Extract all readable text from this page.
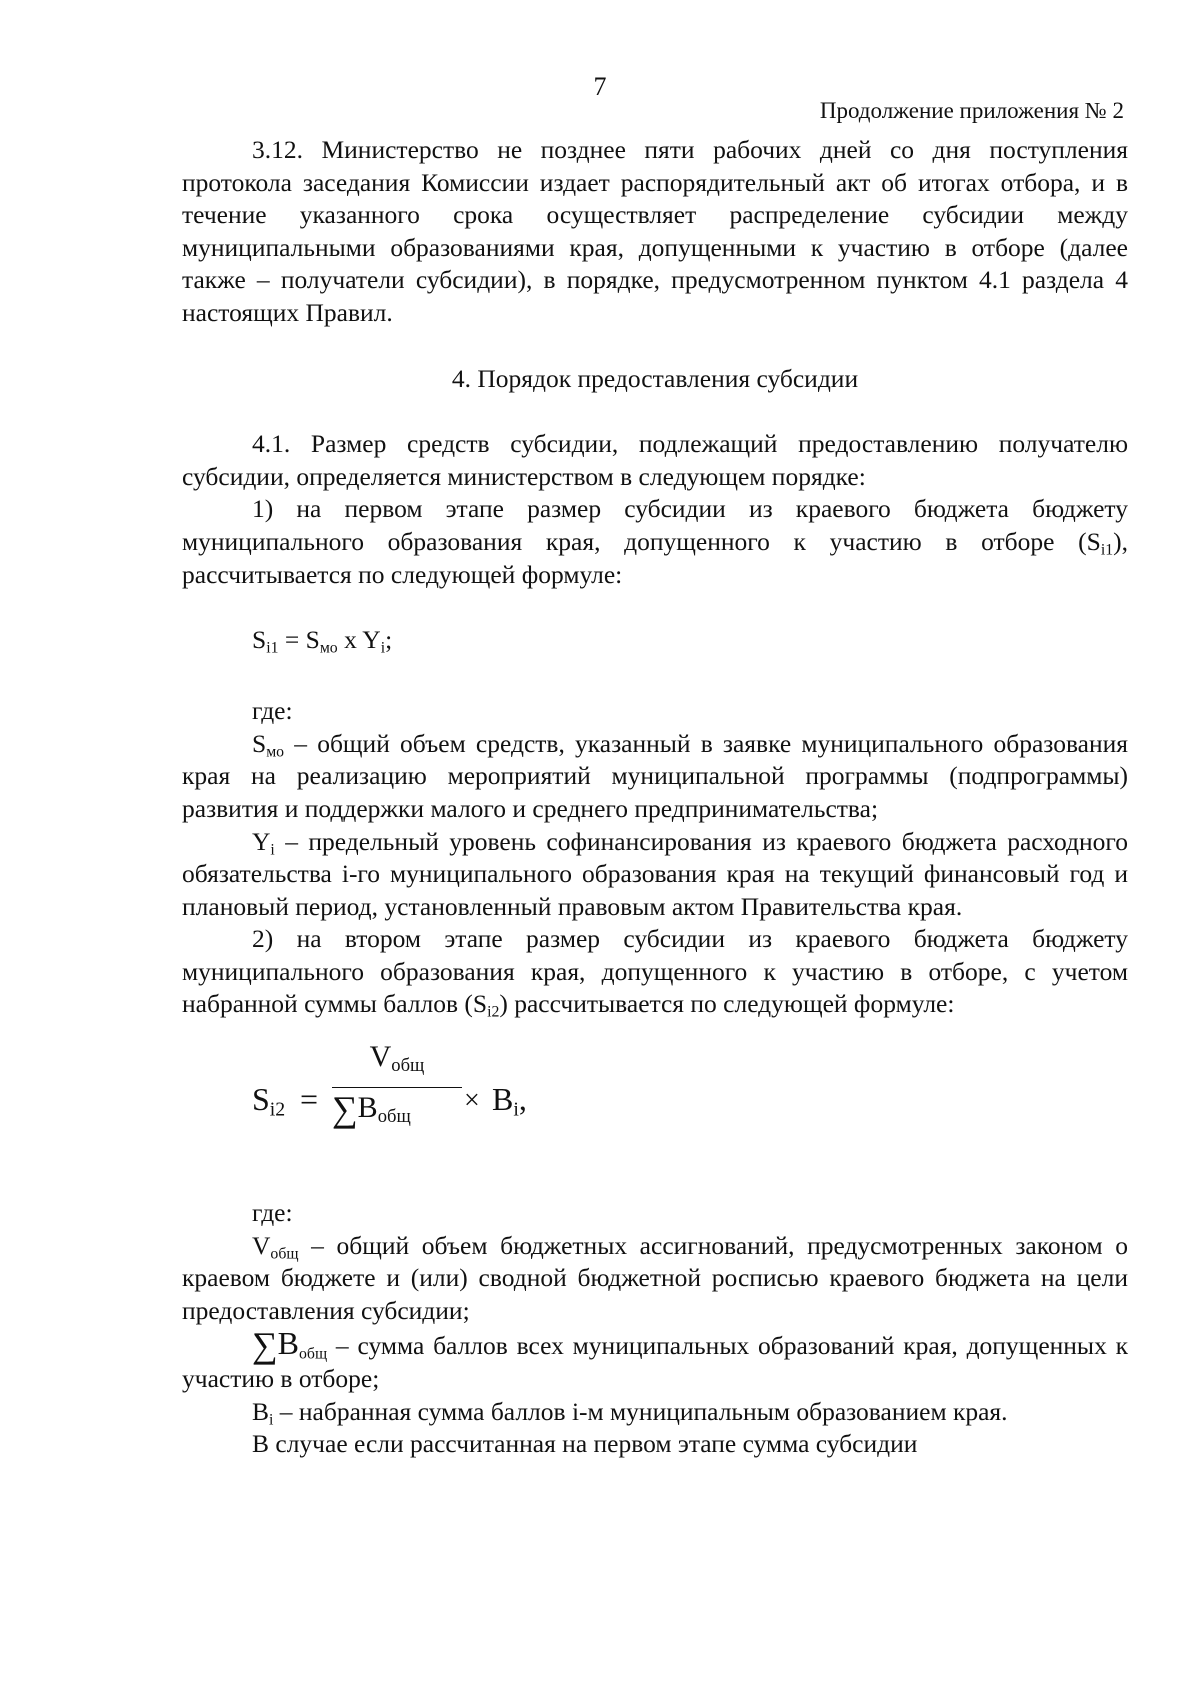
7
Продолжение приложения № 2

3.12. Министерство не позднее пяти рабочих дней со дня поступления протокола заседания Комиссии издает распорядительный акт об итогах отбора, и в течение указанного срока осуществляет распределение субсидии между муниципальными образованиями края, допущенными к участию в отборе (далее также – получатели субсидии), в порядке, предусмотренном пунктом 4.1 раздела 4 настоящих Правил.

4. Порядок предоставления субсидии

4.1. Размер средств субсидии, подлежащий предоставлению получателю субсидии, определяется министерством в следующем порядке:

1) на первом этапе размер субсидии из краевого бюджета бюджету муниципального образования края, допущенного к участию в отборе $(S_{i1})$, рассчитывается по следующей формуле:

$S_{i1} = S_{мо}$ x $Y_i$;

где:

$S_{мо}$ – общий объем средств, указанный в заявке муниципального образования края на реализацию мероприятий муниципальной программы (подпрограммы) развития и поддержки малого и среднего предпринимательства;

$Y_i$ – предельный уровень софинансирования из краевого бюджета расходного обязательства i-го муниципального образования края на текущий финансовый год и плановый период, установленный правовым актом Правительства края.

2) на втором этапе размер субсидии из краевого бюджета бюджету муниципального образования края, допущенного к участию в отборе, с учетом набранной суммы баллов $(S_{i2})$ рассчитывается по следующей формуле:

$S_{i2}$ =
$V_{общ}$
$\sum B_{общ}$
× $B_i$,

где:

$V_{общ}$ – общий объем бюджетных ассигнований, предусмотренных законом о краевом бюджете и (или) сводной бюджетной росписью краевого бюджета на цели предоставления субсидии;

$\sum B_{общ}$ – сумма баллов всех муниципальных образований края, допущенных к участию в отборе;

$B_i$ – набранная сумма баллов i-м муниципальным образованием края.

В случае если рассчитанная на первом этапе сумма субсидии
